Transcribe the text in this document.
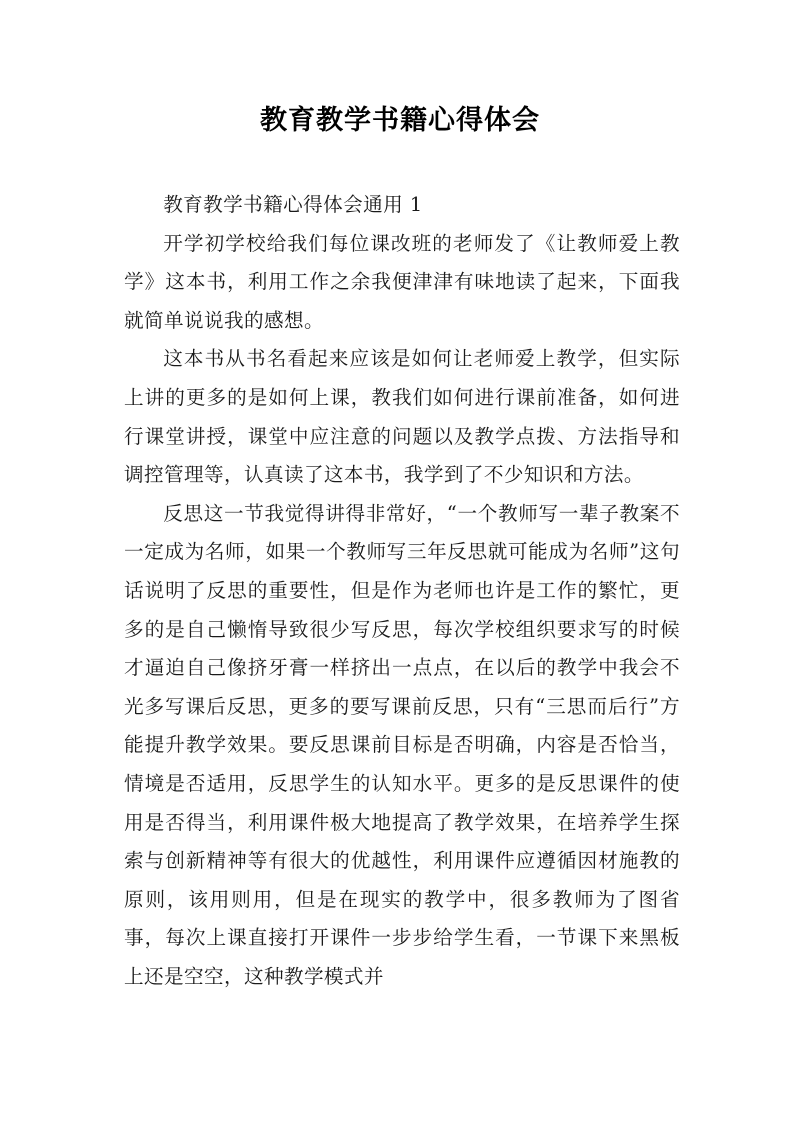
教育教学书籍心得体会

教育教学书籍心得体会通用 1

开学初学校给我们每位课改班的老师发了《让教师爱上教学》这本书，利用工作之余我便津津有味地读了起来，下面我就简单说说我的感想。

这本书从书名看起来应该是如何让老师爱上教学，但实际上讲的更多的是如何上课，教我们如何进行课前准备，如何进行课堂讲授，课堂中应注意的问题以及教学点拨、方法指导和调控管理等，认真读了这本书，我学到了不少知识和方法。

反思这一节我觉得讲得非常好，“一个教师写一辈子教案不一定成为名师，如果一个教师写三年反思就可能成为名师”这句话说明了反思的重要性，但是作为老师也许是工作的繁忙，更多的是自己懒惰导致很少写反思，每次学校组织要求写的时候才逼迫自己像挤牙膏一样挤出一点点，在以后的教学中我会不光多写课后反思，更多的要写课前反思，只有“三思而后行”方能提升教学效果。要反思课前目标是否明确，内容是否恰当，情境是否适用，反思学生的认知水平。更多的是反思课件的使用是否得当，利用课件极大地提高了教学效果，在培养学生探索与创新精神等有很大的优越性，利用课件应遵循因材施教的原则，该用则用，但是在现实的教学中，很多教师为了图省事，每次上课直接打开课件一步步给学生看，一节课下来黑板上还是空空，这种教学模式并
